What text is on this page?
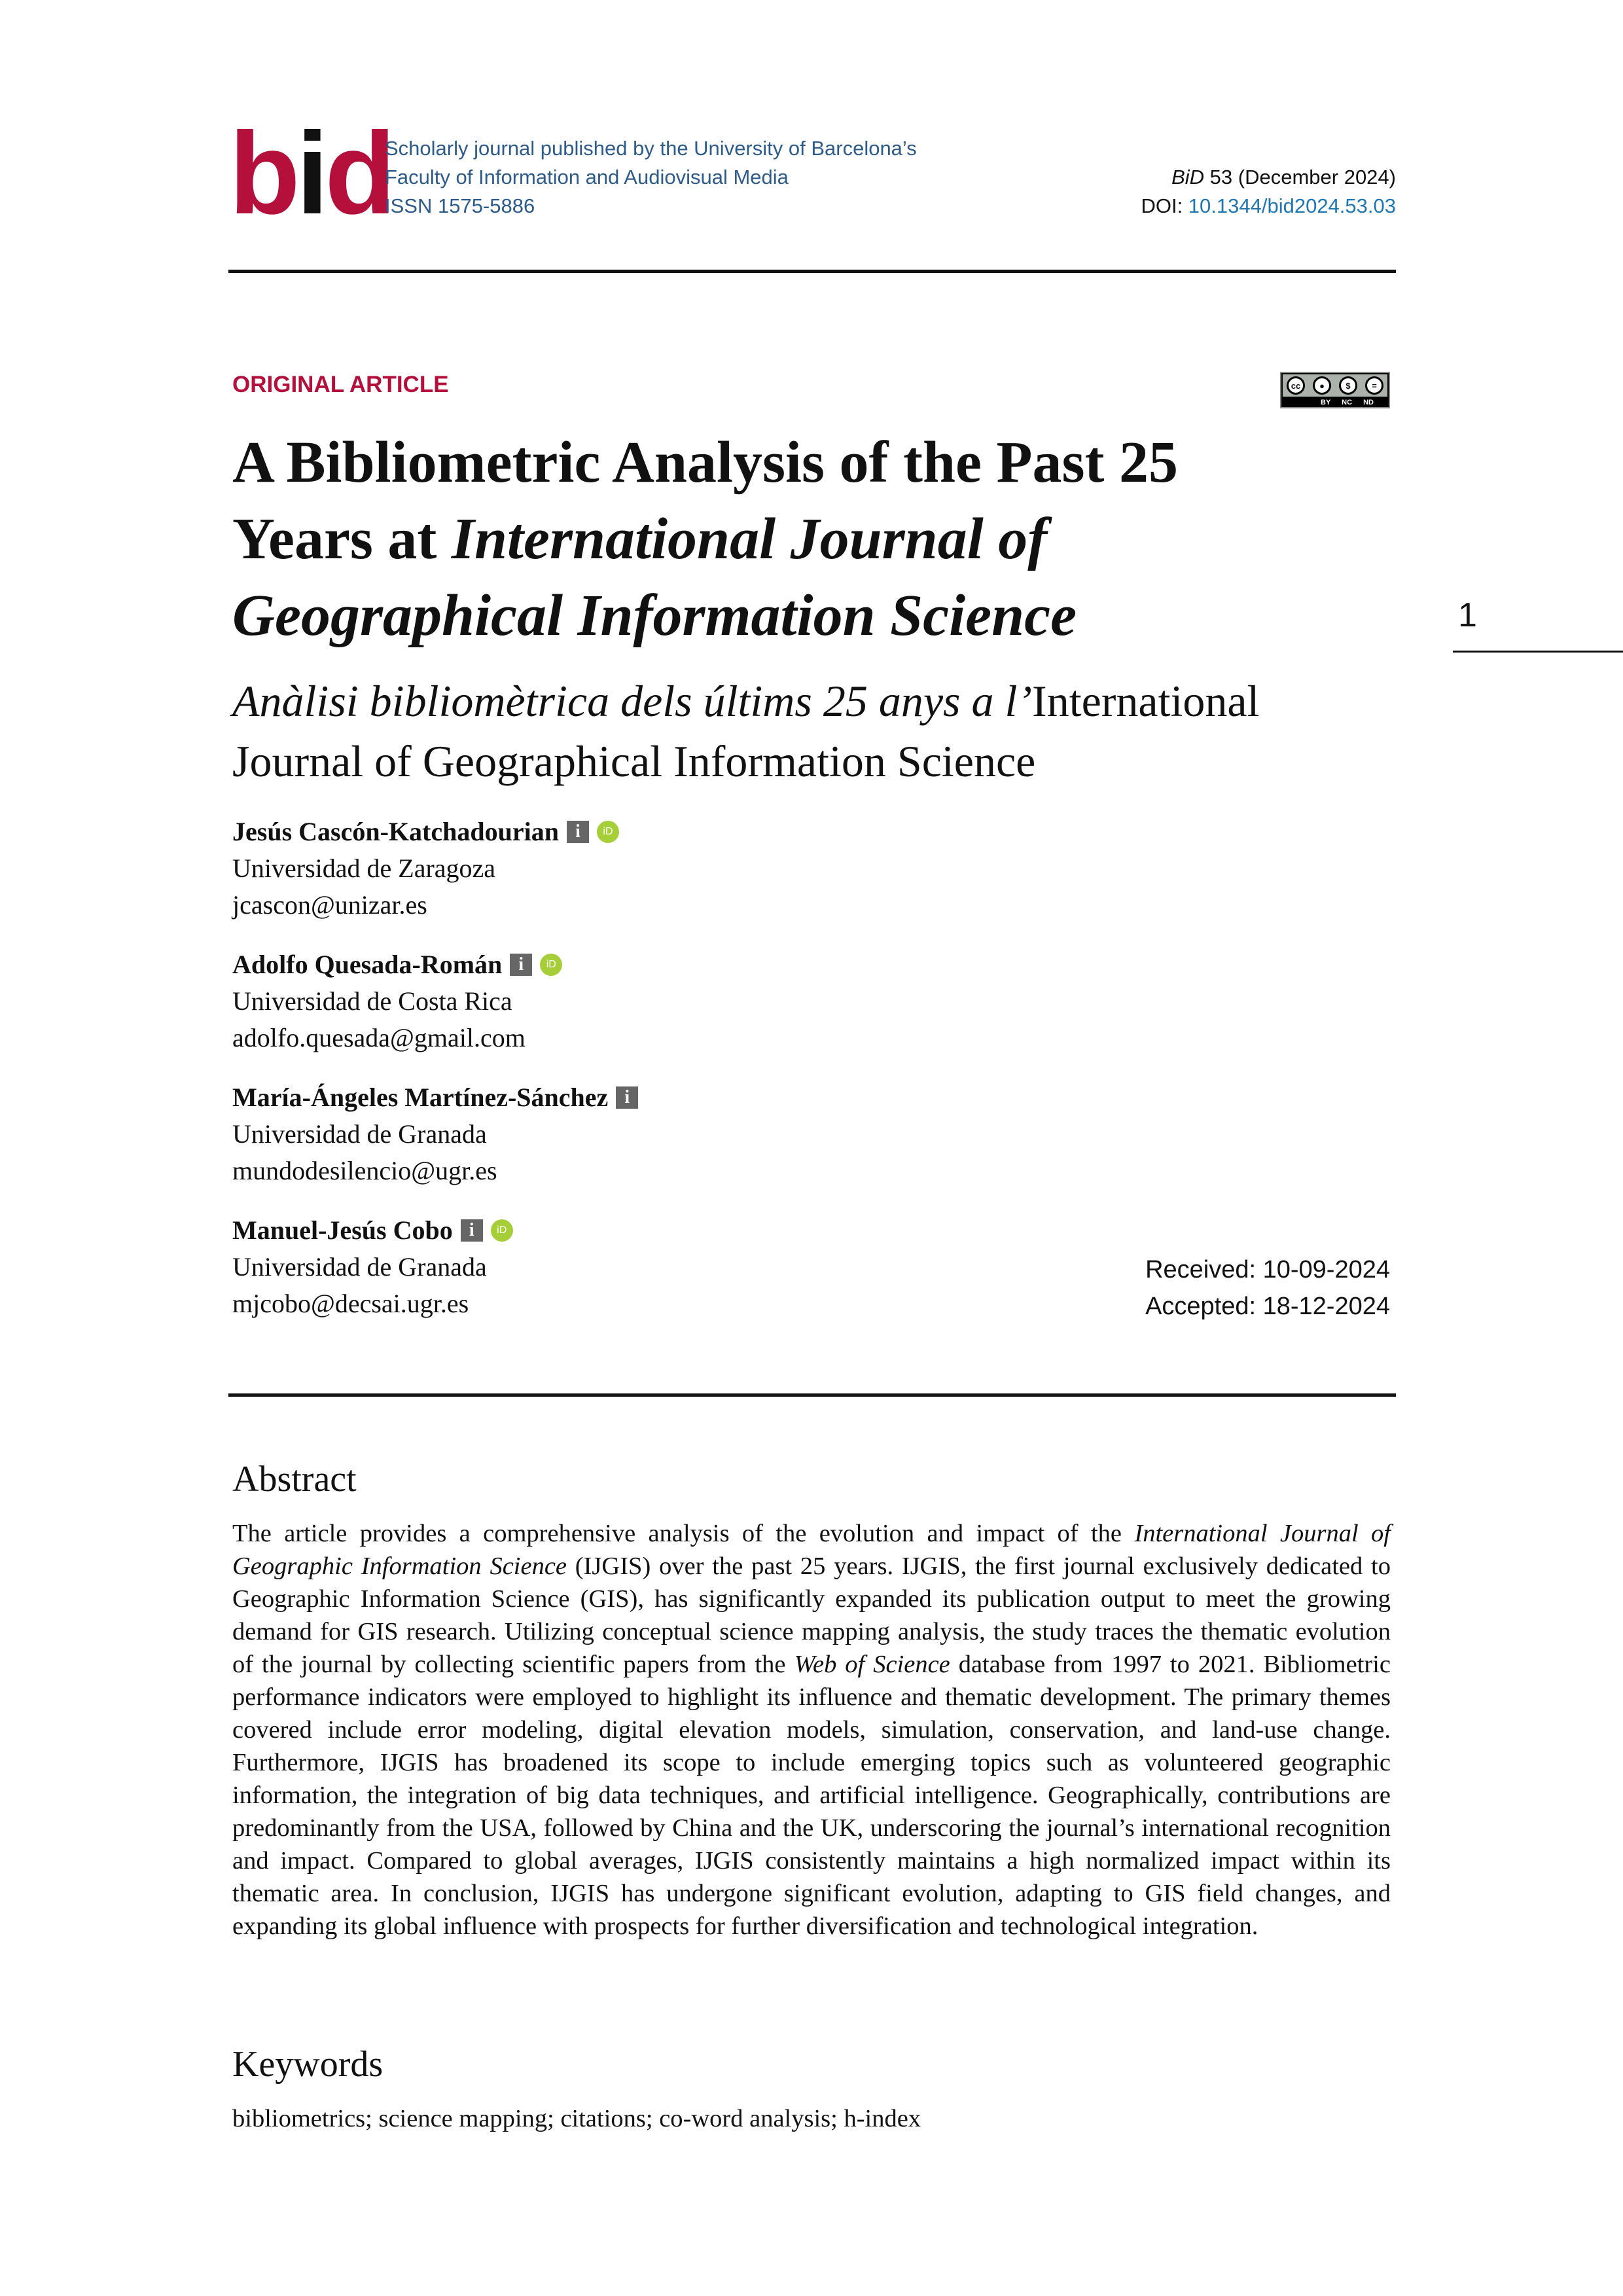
bid
Scholarly journal published by the University of Barcelona’s
Faculty of Information and Audiovisual Media
ISSN 1575-5886
BiD 53 (December 2024)
DOI: 10.1344/bid2024.53.03
ORIGINAL ARTICLE	cc	●	$	=
BY NC ND
A Bibliometric Analysis of the Past 25
Years at International Journal of
Geographical Information Science	1
Anàlisi bibliomètrica dels últims 25 anys a l’International Journal of Geographical Information Science
Jesús Cascón-Katchadourian i	iD
Universidad de Zaragoza
jcascon@unizar.es
Adolfo Quesada-Román i	iD
Universidad de Costa Rica
adolfo.quesada@gmail.com
María-Ángeles Martínez-Sánchez i
Universidad de Granada
mundodesilencio@ugr.es
Manuel-Jesús Cobo i	iD
Universidad de Granada
mjcobo@decsai.ugr.es
Received: 10-09-2024
Accepted: 18-12-2024
Abstract
The article provides a comprehensive analysis of the evolution and impact of the International Journal of Geographic Information Science (IJGIS) over the past 25 years. IJGIS, the first journal exclusively dedicated to Geographic Information Science (GIS), has significantly expanded its publication output to meet the growing demand for GIS research. Utilizing conceptual science mapping analysis, the study traces the thematic evolution of the journal by collecting scientific papers from the Web of Science database from 1997 to 2021. Bibliometric performance indicators were employed to highlight its influence and thematic development. The primary themes covered include error modeling, digital elevation models, simulation, conservation, and land-use change. Furthermore, IJGIS has broadened its scope to include emerging topics such as volunteered geographic information, the integration of big data techniques, and artificial intelligence. Geographically, contributions are predominantly from the USA, followed by China and the UK, underscoring the journal’s international recognition and impact. Compared to global averages, IJGIS consistently maintains a high normalized impact within its thematic area. In conclusion, IJGIS has undergone significant evolution, adapting to GIS field changes, and expanding its global influence with prospects for further diversification and technological integration.
Keywords
bibliometrics; science mapping; citations; co-word analysis; h-index
